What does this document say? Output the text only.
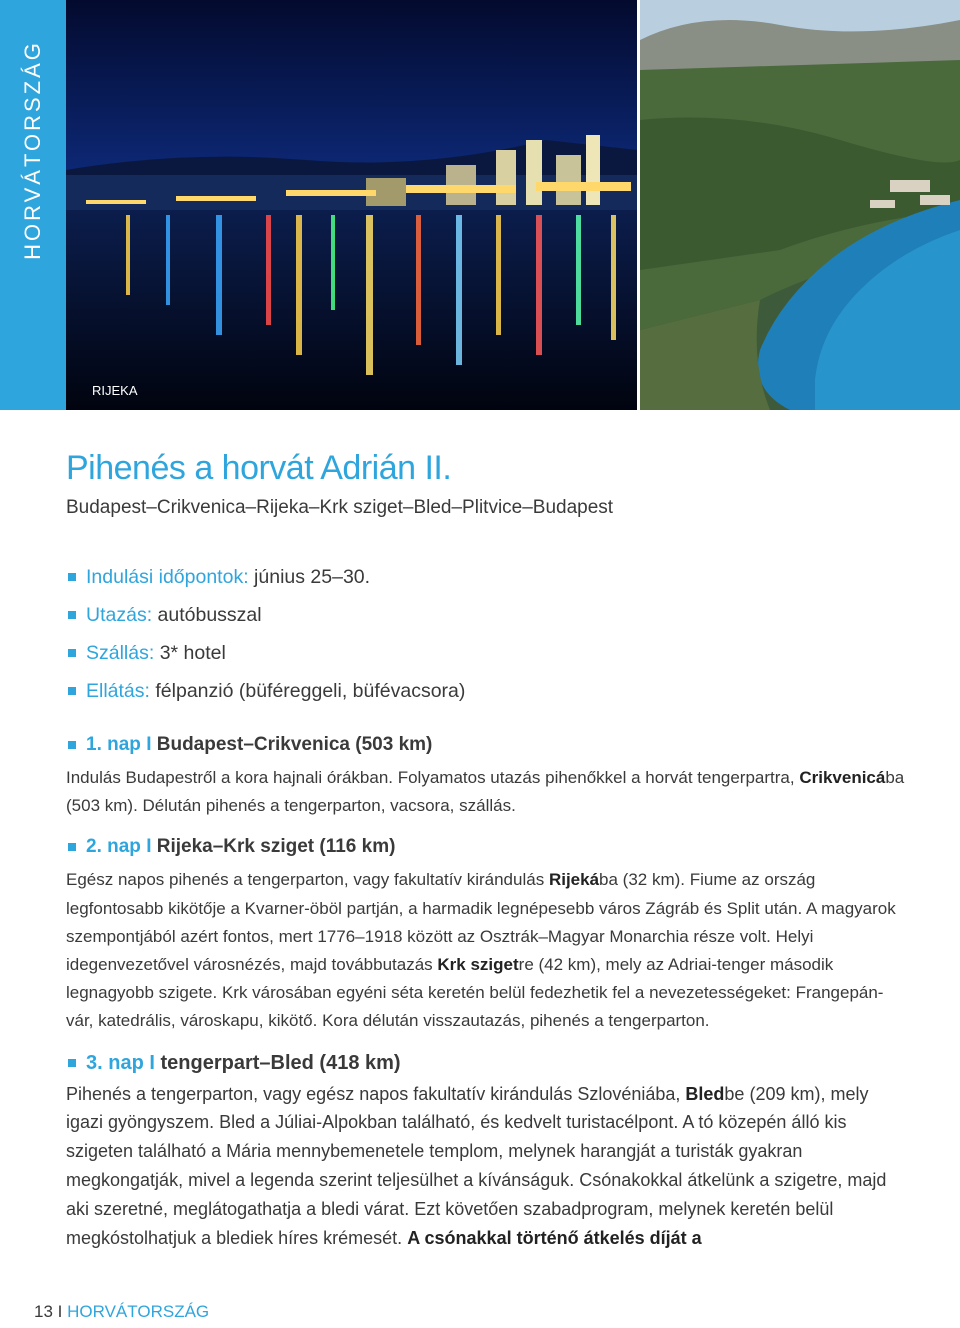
HORVÁTORSZÁG
RIJEKA
Pihenés a horvát Adrián II.
Budapest–Crikvenica–Rijeka–Krk sziget–Bled–Plitvice–Budapest
Indulási időpontok: június 25–30.
Utazás: autóbusszal
Szállás: 3* hotel
Ellátás: félpanzió (büféreggeli, büfévacsora)
1. nap I Budapest–Crikvenica (503 km)

Indulás Budapestről a kora hajnali órákban. Folyamatos utazás pihenőkkel a horvát tengerpartra, Crikvenicába (503 km). Délután pihenés a tengerparton, vacsora, szállás.

2. nap I Rijeka–Krk sziget (116 km)

Egész napos pihenés a tengerparton, vagy fakultatív kirándulás Rijekába (32 km). Fiume az ország legfontosabb kikötője a Kvarner-öböl partján, a harmadik legnépesebb város Zágráb és Split után. A magyarok szempontjából azért fontos, mert 1776–1918 között az Osztrák–Magyar Monarchia része volt. Helyi idegenvezetővel városnézés, majd továbbutazás Krk szigetre (42 km), mely az Adriai-tenger második legnagyobb szigete. Krk városában egyéni séta keretén belül fedezhetik fel a nevezetességeket: Frangepán-vár, katedrális, városkapu, kikötő. Kora délután visszautazás, pihenés a tengerparton.

3. nap I tengerpart–Bled (418 km)

Pihenés a tengerparton, vagy egész napos fakultatív kirándulás Szlovéniába, Bledbe (209 km), mely igazi gyöngyszem. Bled a Júliai-Alpokban található, és kedvelt turistacélpont. A tó közepén álló kis szigeten található a Mária mennybemenetele templom, melynek harangját a turisták gyakran megkongatják, mivel a legenda szerint teljesülhet a kívánságuk. Csónakokkal átkelünk a szigetre, majd aki szeretné, meglátogathatja a bledi várat. Ezt követően szabadprogram, melynek keretén belül megkóstolhatjuk a blediek híres krémesét. A csónakkal történő átkelés díját a

13 I HORVÁTORSZÁG
